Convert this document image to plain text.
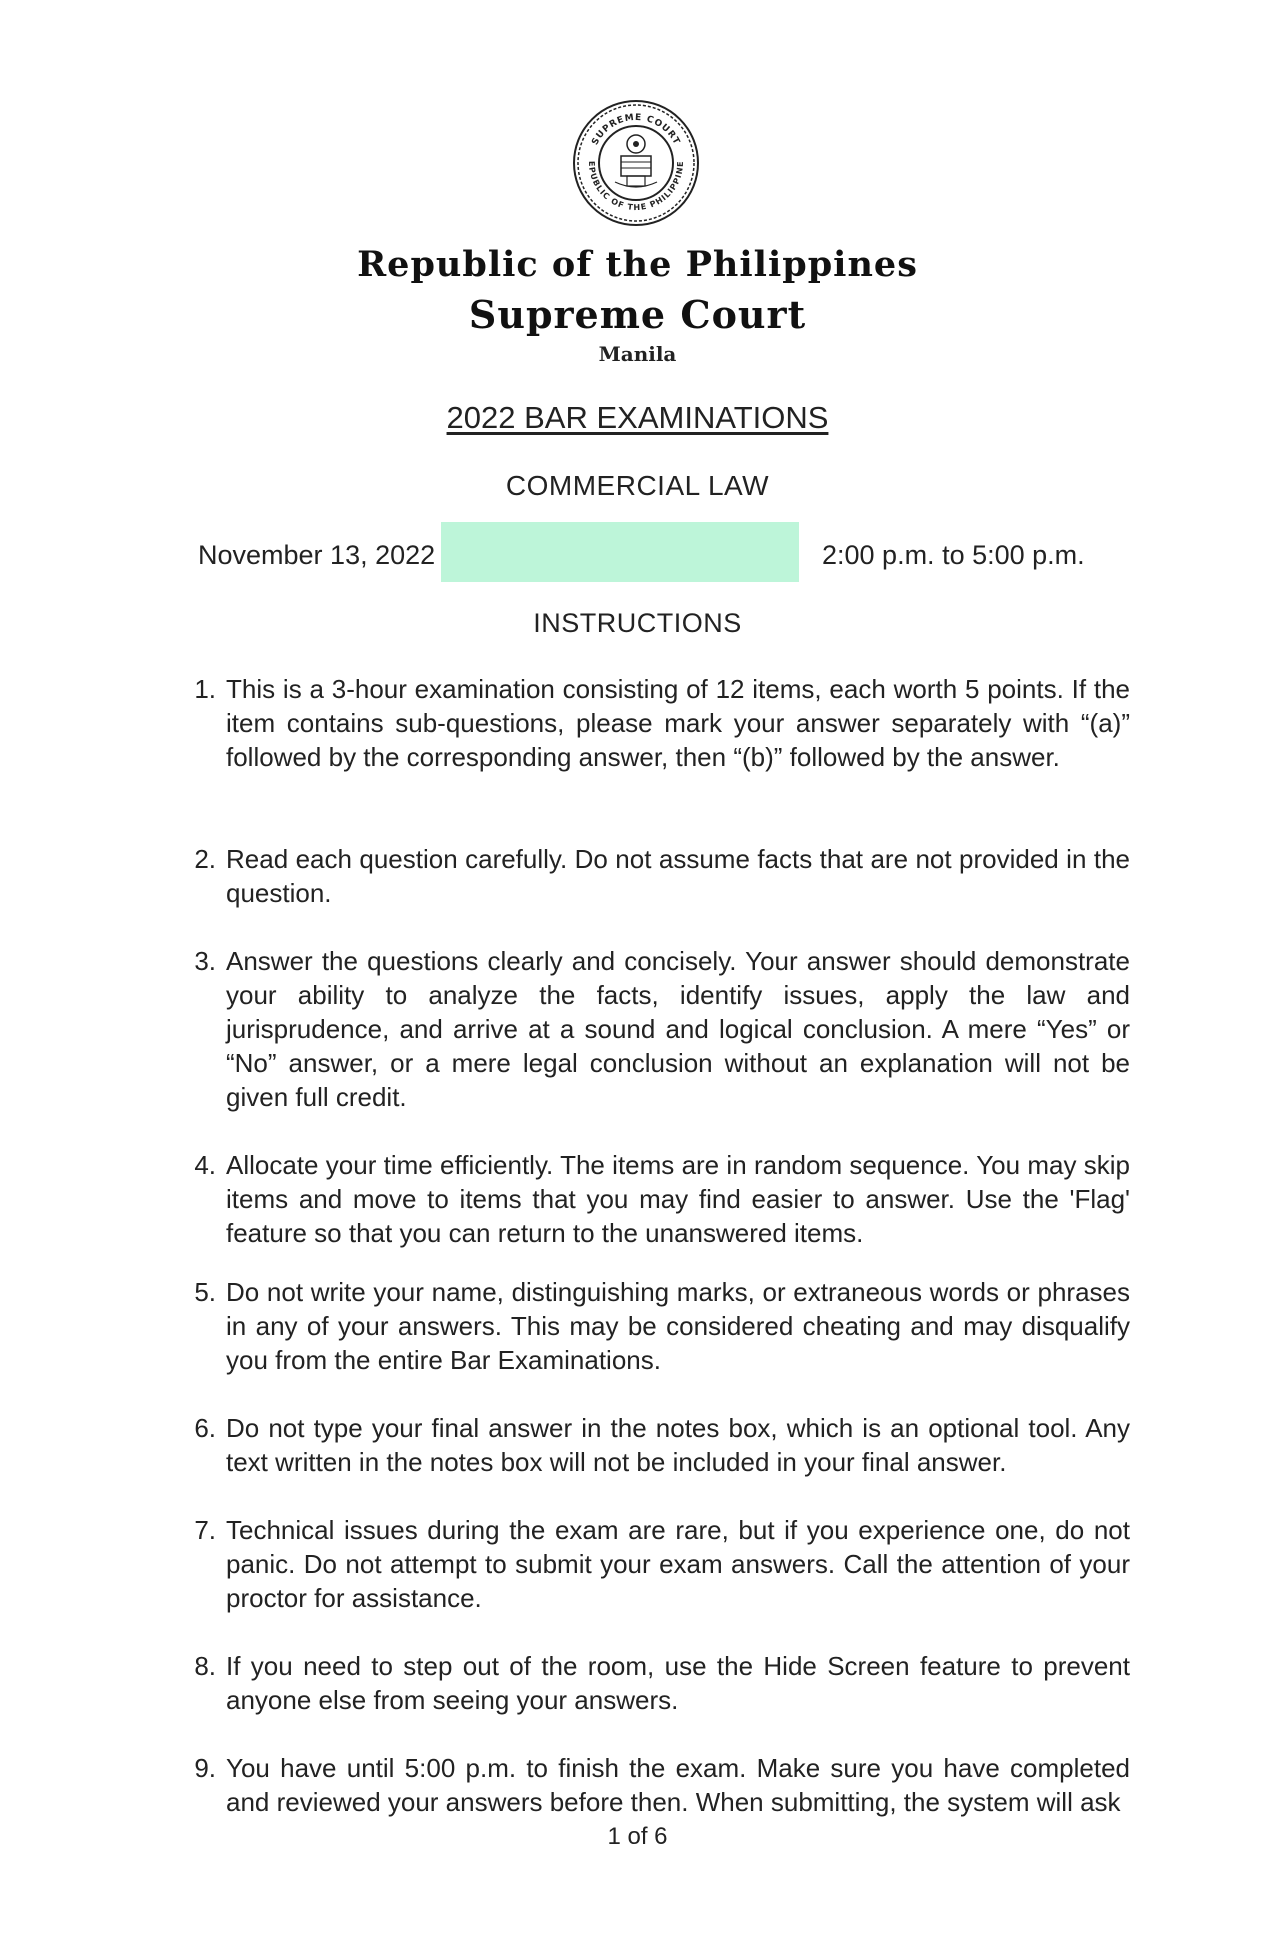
SUPREME COURT
EPUBLIC OF THE PHILIPPINE
Republic of the Philippines
Supreme Court
Manila
2022 BAR EXAMINATIONS
COMMERCIAL LAW
November 13, 2022	2:00 p.m. to 5:00 p.m.
INSTRUCTIONS
1. This is a 3-hour examination consisting of 12 items, each worth 5 points. If the item contains sub-questions, please mark your answer separately with “(a)” followed by the corresponding answer, then “(b)” followed by the answer.
2. Read each question carefully. Do not assume facts that are not provided in the question.
3. Answer the questions clearly and concisely. Your answer should demonstrate your ability to analyze the facts, identify issues, apply the law and jurisprudence, and arrive at a sound and logical conclusion. A mere “Yes” or “No” answer, or a mere legal conclusion without an explanation will not be given full credit.
4. Allocate your time efficiently. The items are in random sequence. You may skip items and move to items that you may find easier to answer. Use the 'Flag' feature so that you can return to the unanswered items.
5. Do not write your name, distinguishing marks, or extraneous words or phrases in any of your answers. This may be considered cheating and may disqualify you from the entire Bar Examinations.
6. Do not type your final answer in the notes box, which is an optional tool. Any text written in the notes box will not be included in your final answer.
7. Technical issues during the exam are rare, but if you experience one, do not panic. Do not attempt to submit your exam answers. Call the attention of your proctor for assistance.
8. If you need to step out of the room, use the Hide Screen feature to prevent anyone else from seeing your answers.
9. You have until 5:00 p.m. to finish the exam. Make sure you have completed and reviewed your answers before then. When submitting, the system will ask
1 of 6
